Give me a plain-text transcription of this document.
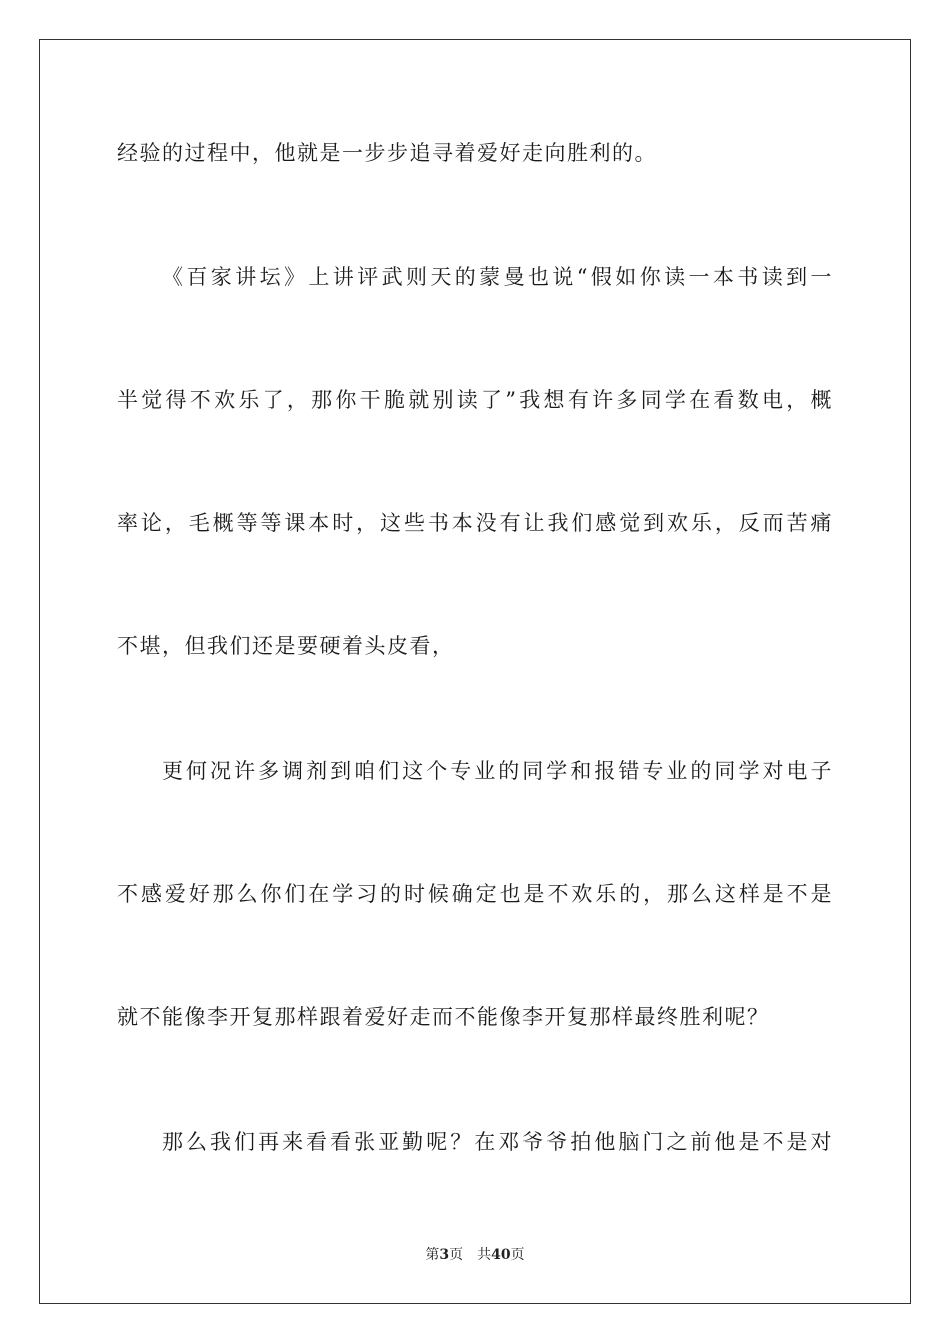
经验的过程中，他就是一步步追寻着爱好走向胜利的。
《百家讲坛》上讲评武则天的蒙曼也说“假如你读一本书读到一
半觉得不欢乐了，那你干脆就别读了”我想有许多同学在看数电，概
率论，毛概等等课本时，这些书本没有让我们感觉到欢乐，反而苦痛
不堪，但我们还是要硬着头皮看，
更何况许多调剂到咱们这个专业的同学和报错专业的同学对电子
不感爱好那么你们在学习的时候确定也是不欢乐的，那么这样是不是
就不能像李开复那样跟着爱好走而不能像李开复那样最终胜利呢？
那么我们再来看看张亚勤呢？在邓爷爷拍他脑门之前他是不是对
第3页 共40页
